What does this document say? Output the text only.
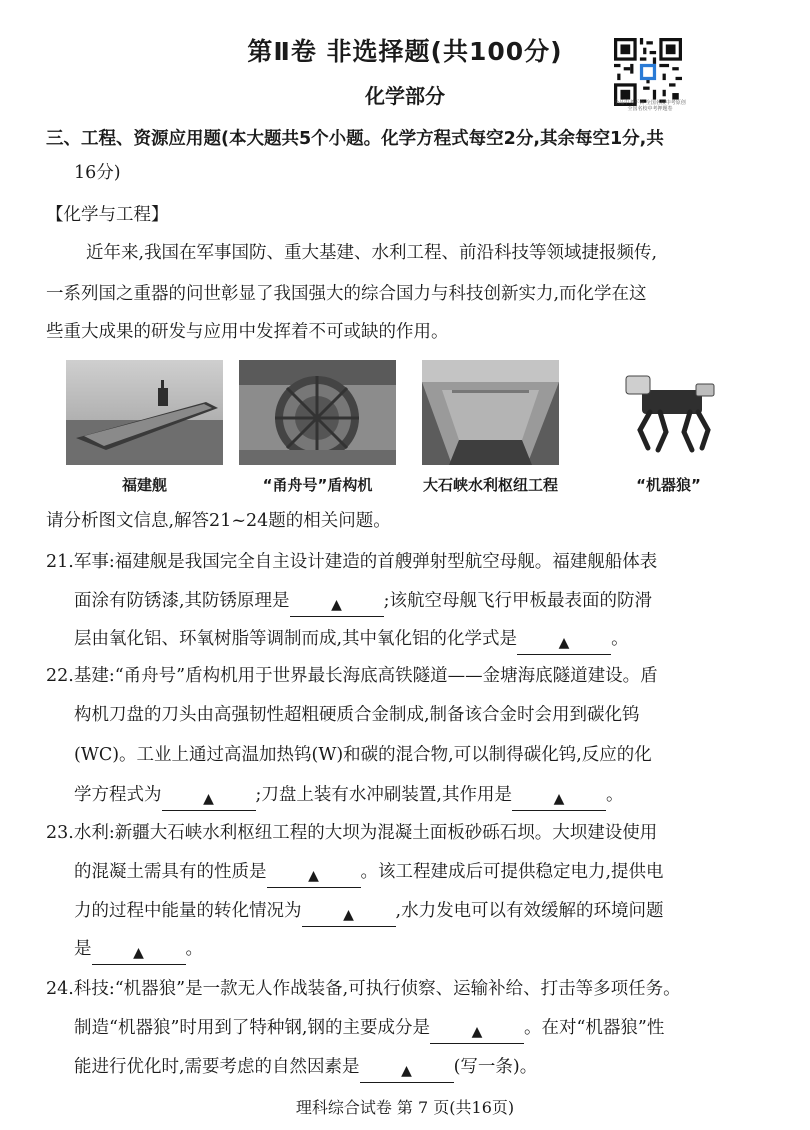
第Ⅱ卷 非选择题(共100分)
化学部分	全品中考平台 全国名校中考原创 全国名校中考押题卷
三、工程、资源应用题(本大题共5个小题。化学方程式每空2分,其余每空1分,共
16分)
【化学与工程】
近年来,我国在军事国防、重大基建、水利工程、前沿科技等领域捷报频传,
一系列国之重器的问世彰显了我国强大的综合国力与科技创新实力,而化学在这
些重大成果的研发与应用中发挥着不可或缺的作用。
福建舰	“甬舟号”盾构机	大石峡水利枢纽工程	“机器狼”
请分析图文信息,解答21~24题的相关问题。
21.军事:福建舰是我国完全自主设计建造的首艘弹射型航空母舰。福建舰船体表
面涂有防锈漆,其防锈原理是	▲ ;该航空母舰飞行甲板最表面的防滑
层由氧化铝、环氧树脂等调制而成,其中氧化铝的化学式是	▲ 。
22.基建:“甬舟号”盾构机用于世界最长海底高铁隧道——金塘海底隧道建设。盾
构机刀盘的刀头由高强韧性超粗硬质合金制成,制备该合金时会用到碳化钨
(WC)。工业上通过高温加热钨(W)和碳的混合物,可以制得碳化钨,反应的化
学方程式为	▲ ;刀盘上装有水冲刷装置,其作用是	▲ 。
23.水利:新疆大石峡水利枢纽工程的大坝为混凝土面板砂砾石坝。大坝建设使用
的混凝土需具有的性质是	▲ 。该工程建成后可提供稳定电力,提供电
力的过程中能量的转化情况为	▲ ,水力发电可以有效缓解的环境问题
是	▲ 。
24.科技:“机器狼”是一款无人作战装备,可执行侦察、运输补给、打击等多项任务。
制造“机器狼”时用到了特种钢,钢的主要成分是	▲ 。在对“机器狼”性
能进行优化时,需要考虑的自然因素是	▲ (写一条)。
理科综合试卷 第 7 页(共16页)
